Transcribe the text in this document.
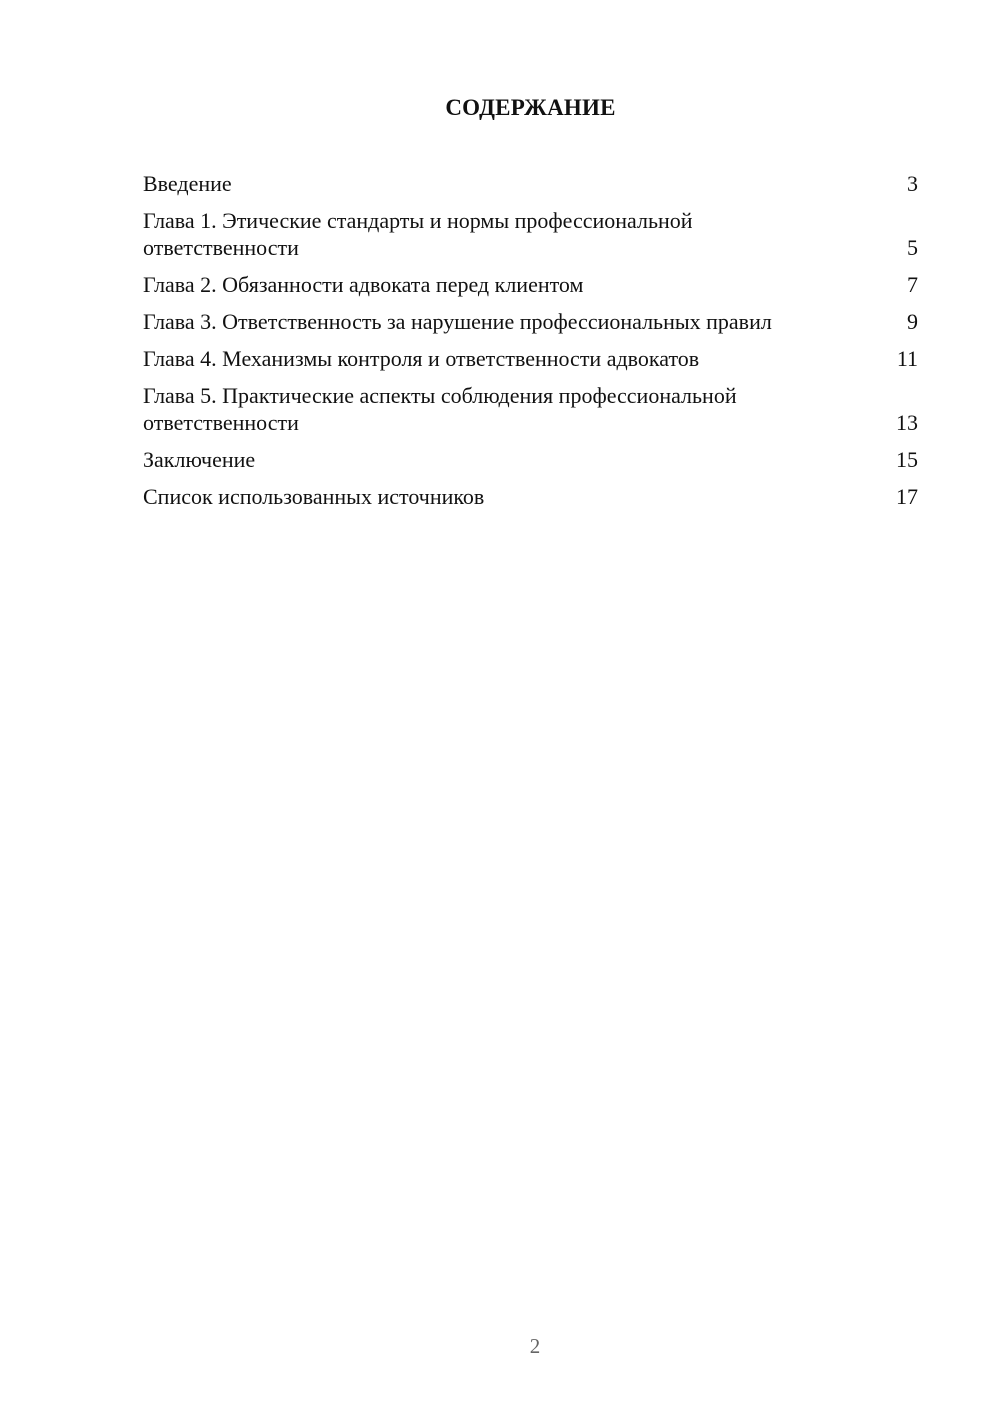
СОДЕРЖАНИЕ
Введение	3
Глава 1. Этические стандарты и нормы профессиональной ответственности	5
Глава 2. Обязанности адвоката перед клиентом	7
Глава 3. Ответственность за нарушение профессиональных правил	9
Глава 4. Механизмы контроля и ответственности адвокатов	11
Глава 5. Практические аспекты соблюдения профессиональной ответственности	13
Заключение	15
Список использованных источников	17
2
